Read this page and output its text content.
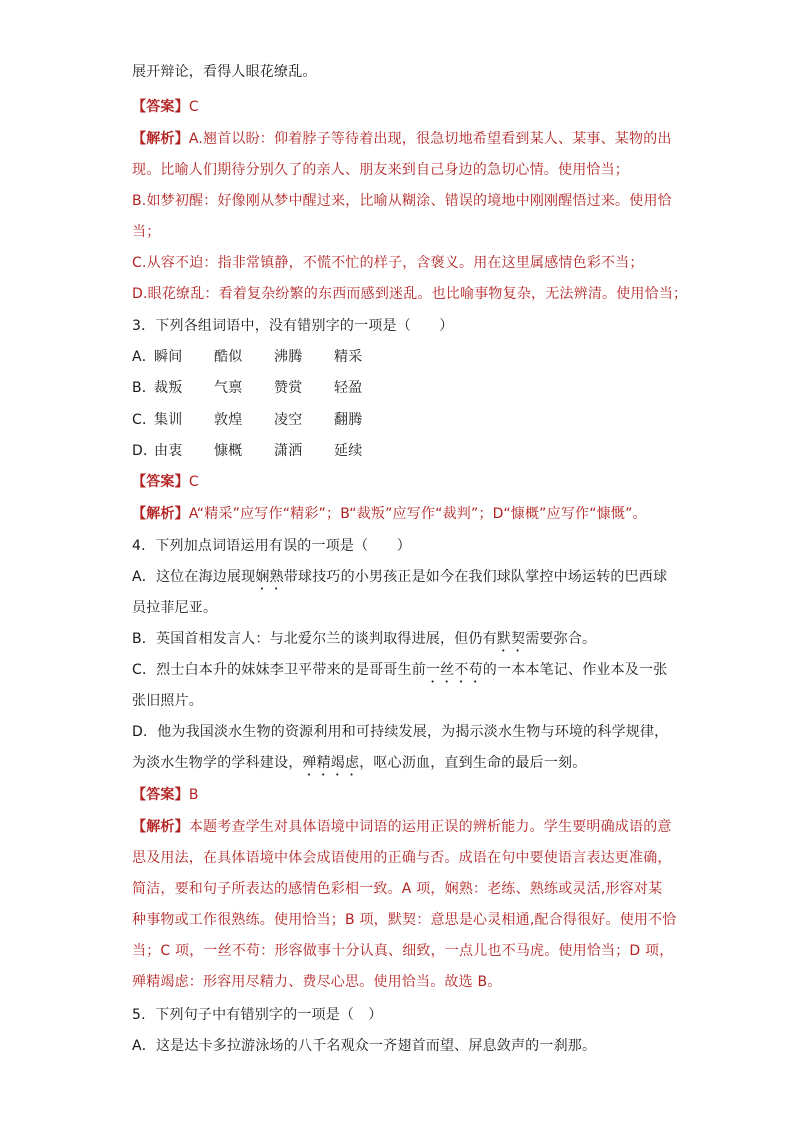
展开辩论，看得人眼花缭乱。
【答案】C
【解析】A.翘首以盼：仰着脖子等待着出现，很急切地希望看到某人、某事、某物的出
现。比喻人们期待分别久了的亲人、朋友来到自己身边的急切心情。使用恰当；
B.如梦初醒：好像刚从梦中醒过来，比喻从糊涂、错误的境地中刚刚醒悟过来。使用恰
当；
C.从容不迫：指非常镇静，不慌不忙的样子，含褒义。用在这里属感情色彩不当；
D.眼花缭乱：看着复杂纷繁的东西而感到迷乱。也比喻事物复杂，无法辨清。使用恰当；
3．下列各组词语中，没有错别字的一项是（　　）
A．瞬间 酷似 沸腾 精采
B．裁叛 气禀 赞赏 轻盈
C．集训 敦煌 凌空 翻腾
D．由衷 慷概 潇洒 延续
【答案】C
【解析】A“精采”应写作“精彩”；B“裁叛”应写作“裁判”；D“慷概”应写作“慷慨”。
4．下列加点词语运用有误的一项是（　　）
A．这位在海边展现娴熟带球技巧的小男孩正是如今在我们球队掌控中场运转的巴西球
员拉菲尼亚。
B．英国首相发言人：与北爱尔兰的谈判取得进展，但仍有默契需要弥合。
C．烈士白本升的妹妹李卫平带来的是哥哥生前一丝不苟的一本本笔记、作业本及一张
张旧照片。
D．他为我国淡水生物的资源利用和可持续发展，为揭示淡水生物与环境的科学规律，
为淡水生物学的学科建设，殚精竭虑，呕心沥血，直到生命的最后一刻。
【答案】B
【解析】本题考查学生对具体语境中词语的运用正误的辨析能力。学生要明确成语的意
思及用法，在具体语境中体会成语使用的正确与否。成语在句中要使语言表达更准确，
简洁，要和句子所表达的感情色彩相一致。A 项，娴熟：老练、熟练或灵活,形容对某
种事物或工作很熟练。使用恰当；B 项，默契：意思是心灵相通,配合得很好。使用不恰
当；C 项，一丝不苟：形容做事十分认真、细致，一点儿也不马虎。使用恰当；D 项，
殚精竭虑：形容用尽精力、费尽心思。使用恰当。故选 B。
5．下列句子中有错别字的一项是（　）
A．这是达卡多拉游泳场的八千名观众一齐翅首而望、屏息敛声的一刹那。
